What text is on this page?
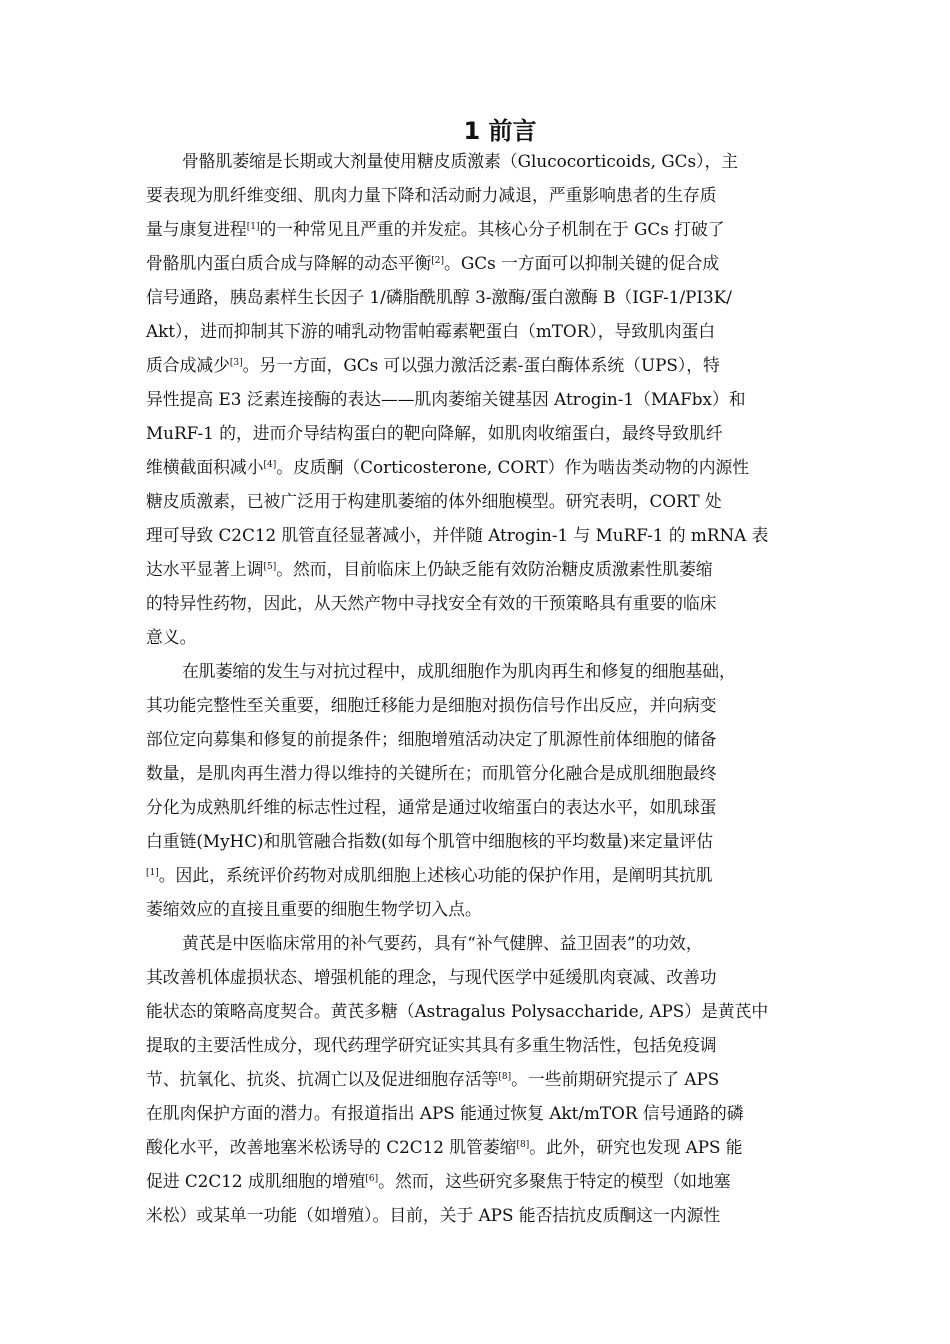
1 前言
骨骼肌萎缩是长期或大剂量使用糖皮质激素（Glucocorticoids, GCs），主
要表现为肌纤维变细、肌肉力量下降和活动耐力减退，严重影响患者的生存质
量与康复进程[1]的一种常见且严重的并发症。其核心分子机制在于 GCs 打破了
骨骼肌内蛋白质合成与降解的动态平衡[2]。GCs 一方面可以抑制关键的促合成
信号通路，胰岛素样生长因子 1/磷脂酰肌醇 3-激酶/蛋白激酶 B（IGF-1/PI3K/
Akt），进而抑制其下游的哺乳动物雷帕霉素靶蛋白（mTOR），导致肌肉蛋白
质合成减少[3]。另一方面，GCs 可以强力激活泛素-蛋白酶体系统（UPS），特
异性提高 E3 泛素连接酶的表达——肌肉萎缩关键基因 Atrogin-1（MAFbx）和
MuRF-1 的，进而介导结构蛋白的靶向降解，如肌肉收缩蛋白，最终导致肌纤
维横截面积减小[4]。皮质酮（Corticosterone, CORT）作为啮齿类动物的内源性
糖皮质激素，已被广泛用于构建肌萎缩的体外细胞模型。研究表明，CORT 处
理可导致 C2C12 肌管直径显著减小，并伴随 Atrogin-1 与 MuRF-1 的 mRNA 表
达水平显著上调[5]。然而，目前临床上仍缺乏能有效防治糖皮质激素性肌萎缩
的特异性药物，因此，从天然产物中寻找安全有效的干预策略具有重要的临床
意义。
在肌萎缩的发生与对抗过程中，成肌细胞作为肌肉再生和修复的细胞基础，
其功能完整性至关重要，细胞迁移能力是细胞对损伤信号作出反应，并向病变
部位定向募集和修复的前提条件；细胞增殖活动决定了肌源性前体细胞的储备
数量，是肌肉再生潜力得以维持的关键所在；而肌管分化融合是成肌细胞最终
分化为成熟肌纤维的标志性过程，通常是通过收缩蛋白的表达水平，如肌球蛋
白重链(MyHC)和肌管融合指数(如每个肌管中细胞核的平均数量)来定量评估
[1]。因此，系统评价药物对成肌细胞上述核心功能的保护作用，是阐明其抗肌
萎缩效应的直接且重要的细胞生物学切入点。
黄芪是中医临床常用的补气要药，具有“补气健脾、益卫固表”的功效，
其改善机体虚损状态、增强机能的理念，与现代医学中延缓肌肉衰减、改善功
能状态的策略高度契合。黄芪多糖（Astragalus Polysaccharide, APS）是黄芪中
提取的主要活性成分，现代药理学研究证实其具有多重生物活性，包括免疫调
节、抗氧化、抗炎、抗凋亡以及促进细胞存活等[8]。一些前期研究提示了 APS
在肌肉保护方面的潜力。有报道指出 APS 能通过恢复 Akt/mTOR 信号通路的磷
酸化水平，改善地塞米松诱导的 C2C12 肌管萎缩[8]。此外，研究也发现 APS 能
促进 C2C12 成肌细胞的增殖[6]。然而，这些研究多聚焦于特定的模型（如地塞
米松）或某单一功能（如增殖）。目前，关于 APS 能否拮抗皮质酮这一内源性
